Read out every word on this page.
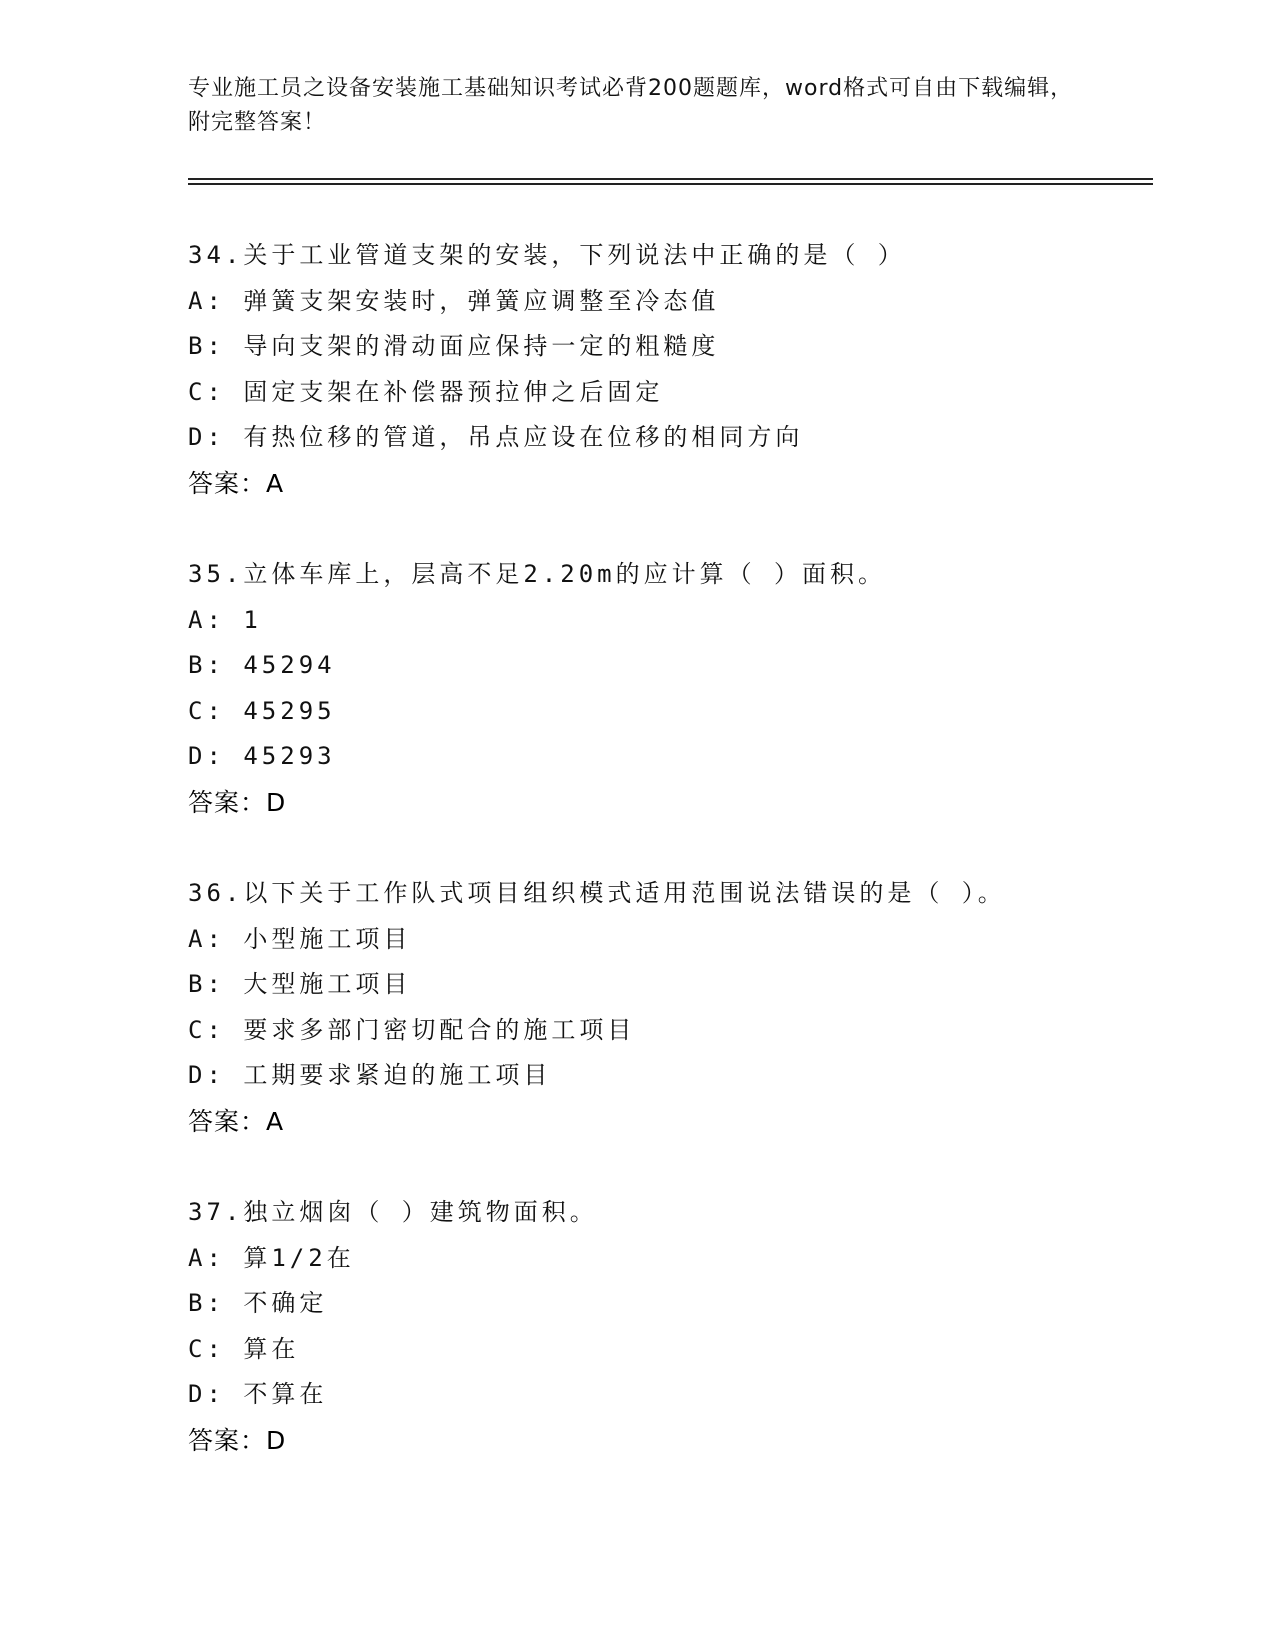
专业施工员之设备安装施工基础知识考试必背200题题库，word格式可自由下载编辑，附完整答案！
34.关于工业管道支架的安装，下列说法中正确的是（ ）
A: 弹簧支架安装时，弹簧应调整至冷态值
B: 导向支架的滑动面应保持一定的粗糙度
C: 固定支架在补偿器预拉伸之后固定
D: 有热位移的管道，吊点应设在位移的相同方向
答案：A
35.立体车库上，层高不足2.20m的应计算（ ）面积。
A: 1
B: 45294
C: 45295
D: 45293
答案：D
36.以下关于工作队式项目组织模式适用范围说法错误的是（ ）。
A: 小型施工项目
B: 大型施工项目
C: 要求多部门密切配合的施工项目
D: 工期要求紧迫的施工项目
答案：A
37.独立烟囱（ ）建筑物面积。
A: 算1/2在
B: 不确定
C: 算在
D: 不算在
答案：D
